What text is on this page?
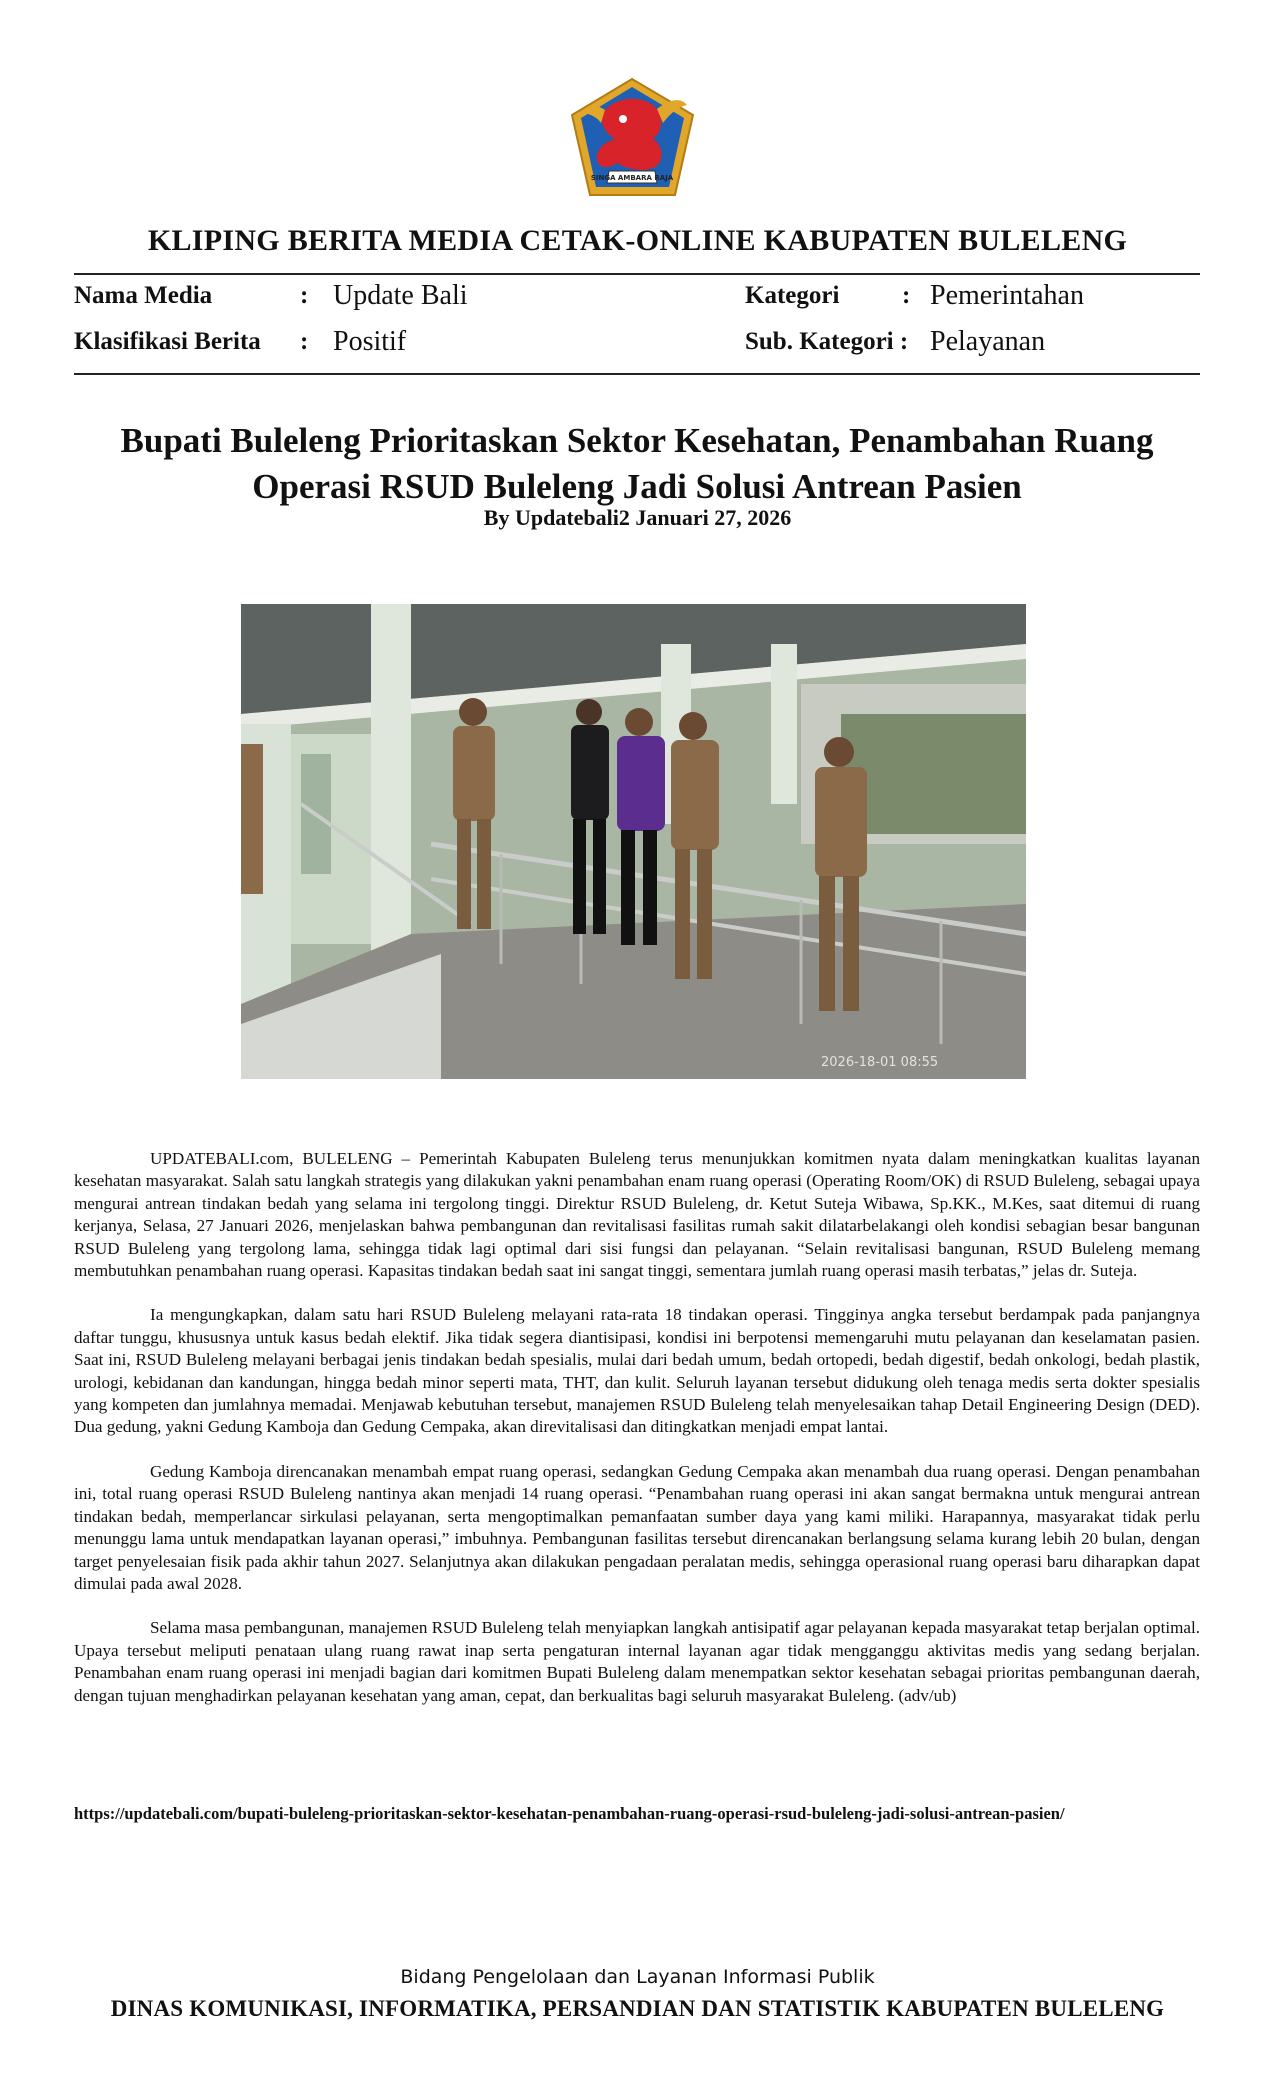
SINGA AMBARA RAJA
KLIPING BERITA MEDIA CETAK-ONLINE KABUPATEN BULELENG
Nama Media	: Update Bali	Kategori	: Pemerintahan
Klasifikasi Berita : Positif	Sub. Kategori : Pelayanan
Bupati Buleleng Prioritaskan Sektor Kesehatan, Penambahan Ruang
Operasi RSUD Buleleng Jadi Solusi Antrean Pasien
By Updatebali2 Januari 27, 2026
2026-18-01 08:55

UPDATEBALI.com, BULELENG – Pemerintah Kabupaten Buleleng terus menunjukkan komitmen nyata dalam meningkatkan kualitas layanan kesehatan masyarakat. Salah satu langkah strategis yang dilakukan yakni penambahan enam ruang operasi (Operating Room/OK) di RSUD Buleleng, sebagai upaya mengurai antrean tindakan bedah yang selama ini tergolong tinggi. Direktur RSUD Buleleng, dr. Ketut Suteja Wibawa, Sp.KK., M.Kes, saat ditemui di ruang kerjanya, Selasa, 27 Januari 2026, menjelaskan bahwa pembangunan dan revitalisasi fasilitas rumah sakit dilatarbelakangi oleh kondisi sebagian besar bangunan RSUD Buleleng yang tergolong lama, sehingga tidak lagi optimal dari sisi fungsi dan pelayanan. “Selain revitalisasi bangunan, RSUD Buleleng memang membutuhkan penambahan ruang operasi. Kapasitas tindakan bedah saat ini sangat tinggi, sementara jumlah ruang operasi masih terbatas,” jelas dr. Suteja.

Ia mengungkapkan, dalam satu hari RSUD Buleleng melayani rata-rata 18 tindakan operasi. Tingginya angka tersebut berdampak pada panjangnya daftar tunggu, khususnya untuk kasus bedah elektif. Jika tidak segera diantisipasi, kondisi ini berpotensi memengaruhi mutu pelayanan dan keselamatan pasien. Saat ini, RSUD Buleleng melayani berbagai jenis tindakan bedah spesialis, mulai dari bedah umum, bedah ortopedi, bedah digestif, bedah onkologi, bedah plastik, urologi, kebidanan dan kandungan, hingga bedah minor seperti mata, THT, dan kulit. Seluruh layanan tersebut didukung oleh tenaga medis serta dokter spesialis yang kompeten dan jumlahnya memadai. Menjawab kebutuhan tersebut, manajemen RSUD Buleleng telah menyelesaikan tahap Detail Engineering Design (DED). Dua gedung, yakni Gedung Kamboja dan Gedung Cempaka, akan direvitalisasi dan ditingkatkan menjadi empat lantai.

Gedung Kamboja direncanakan menambah empat ruang operasi, sedangkan Gedung Cempaka akan menambah dua ruang operasi. Dengan penambahan ini, total ruang operasi RSUD Buleleng nantinya akan menjadi 14 ruang operasi. “Penambahan ruang operasi ini akan sangat bermakna untuk mengurai antrean tindakan bedah, memperlancar sirkulasi pelayanan, serta mengoptimalkan pemanfaatan sumber daya yang kami miliki. Harapannya, masyarakat tidak perlu menunggu lama untuk mendapatkan layanan operasi,” imbuhnya. Pembangunan fasilitas tersebut direncanakan berlangsung selama kurang lebih 20 bulan, dengan target penyelesaian fisik pada akhir tahun 2027. Selanjutnya akan dilakukan pengadaan peralatan medis, sehingga operasional ruang operasi baru diharapkan dapat dimulai pada awal 2028.

Selama masa pembangunan, manajemen RSUD Buleleng telah menyiapkan langkah antisipatif agar pelayanan kepada masyarakat tetap berjalan optimal. Upaya tersebut meliputi penataan ulang ruang rawat inap serta pengaturan internal layanan agar tidak mengganggu aktivitas medis yang sedang berjalan. Penambahan enam ruang operasi ini menjadi bagian dari komitmen Bupati Buleleng dalam menempatkan sektor kesehatan sebagai prioritas pembangunan daerah, dengan tujuan menghadirkan pelayanan kesehatan yang aman, cepat, dan berkualitas bagi seluruh masyarakat Buleleng. (adv/ub)

https://updatebali.com/bupati-buleleng-prioritaskan-sektor-kesehatan-penambahan-ruang-operasi-rsud-buleleng-jadi-solusi-antrean-pasien/
Bidang Pengelolaan dan Layanan Informasi Publik
DINAS KOMUNIKASI, INFORMATIKA, PERSANDIAN DAN STATISTIK KABUPATEN BULELENG
